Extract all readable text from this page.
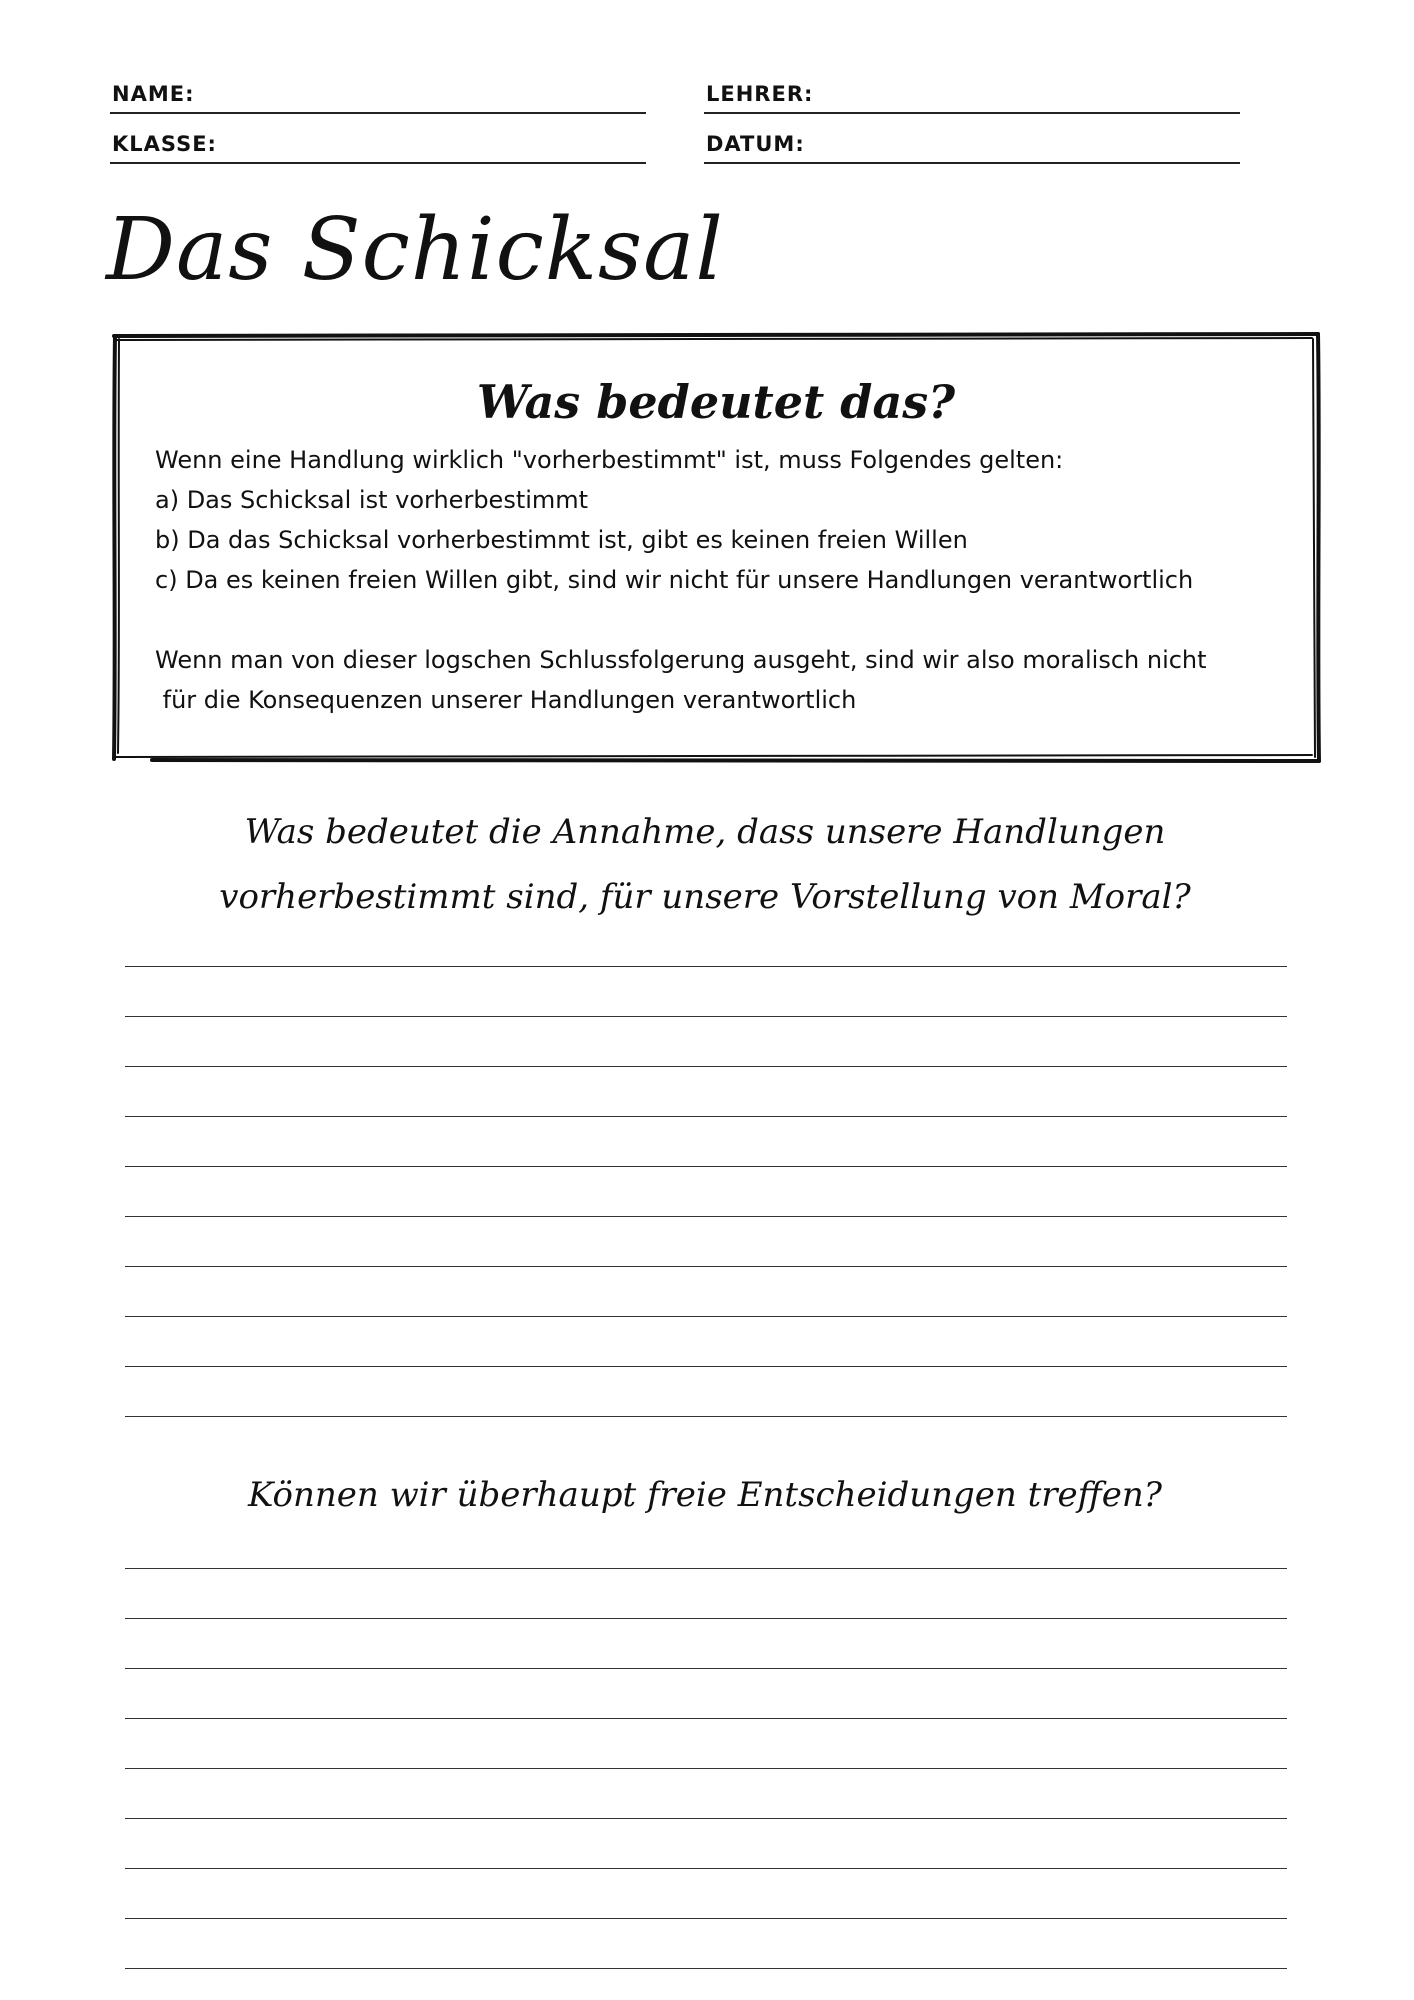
NAME:	LEHRER:
KLASSE:	DATUM:
Das Schicksal
Was bedeutet das?
Wenn eine Handlung wirklich "vorherbestimmt" ist, muss Folgendes gelten:
a) Das Schicksal ist vorherbestimmt
b) Da das Schicksal vorherbestimmt ist, gibt es keinen freien Willen
c) Da es keinen freien Willen gibt, sind wir nicht für unsere Handlungen verantwortlich
Wenn man von dieser logschen Schlussfolgerung ausgeht, sind wir also moralisch nicht
für die Konsequenzen unserer Handlungen verantwortlich

Was bedeutet die Annahme, dass unsere Handlungen

vorherbestimmt sind, für unsere Vorstellung von Moral?

Können wir überhaupt freie Entscheidungen treffen?
